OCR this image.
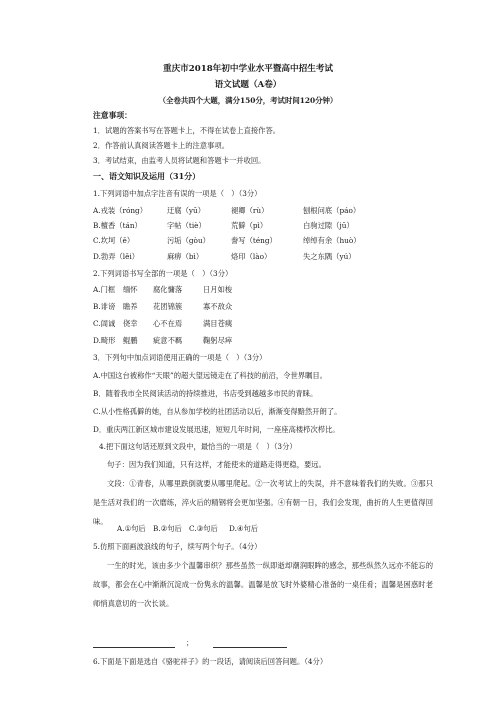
重庆市2018年初中学业水平暨高中招生考试
语文试题（A卷）
（全卷共四个大题，满分150分，考试时间120分钟）
注意事项：
1．试题的答案书写在答题卡上，不得在试卷上直接作答。
2．作答前认真阅读答题卡上的注意事项。
3．考试结束，由监考人员将试题和答题卡一并收回。
一、语文知识及运用（31分）
1.下列词语中加点字注音有误的一项是（　）（3分）
A.戎装（róng）	迂腐（yū）	褪卿（rù）	刨根问底（páo）
B.檀香（tán）	字帖（tiè）	荒僻（pì）	白驹过隙（jū）
C.坎坷（ě）	污垢（gòu）	誊写（téng）	绰绰有余（huò）
D.勃弄（lěi）	麻痹（bì）	烙印（lào）	失之东隅（yú）
2.下列词语书写全部的一项是（　）（3分）
A.门框	缅怀	腐化慵落	日月如梭
B.诽谤	瞻养	花团锦簇	寡不敌众
C.訚诚	侥幸	心不在焉	满目苍痍
D.畸形	鲲鹏	疵意不羁	鞠躬尽瘁
3．下列句中加点词语使用正确的一项是（　）（3分）
A.中国这台被称作“天眼”的超大望远镜走在了科技的前沿，令世界瞩目。
B．随着我市全民阅读活动的持续推进，书店受到越越多市民的青睐。
C.从小性格孤僻的她，自从参加学校的社团活动以后，渐渐变得黯然开朗了。
D．重庆两江新区城市建设发展迅速，短短几年时间，一座座高楼栉次栉比。
4.把下面这句话还原到文段中，最恰当的一项是（　）（3分）
句子：因为我们知道，只有这样，才能使未的道路走得更稳，要远。
文段：①青春，从哪里跌倒就要从哪里爬起。②一次考试上的失误，并不意味着我们的失败。③那只是生活对我们的一次磨练，淬火后的精钢将会更加坚强。④有朝一日，我们会发现，曲折的人生更值得回味。
A.①句后 B.②句后 C.③句后	D.④句后
5.仿照下面画波浪线的句子，续写两个句子。（4分）
一生的时光，该由多少个温馨串织？那些虽然一纵即逝却潮润眼眸的感念，那些纵然久远亦不能忘的故事，都会在心中渐渐沉淀成一份隽永的温馨。温馨是放飞时外婆精心准备的一桌佳肴；温馨是困惑时老师悄真意切的一次长谈。
；
6.下面是下面是选自《骆驼祥子》的一段话，请阅读后回答问题。（4分）
